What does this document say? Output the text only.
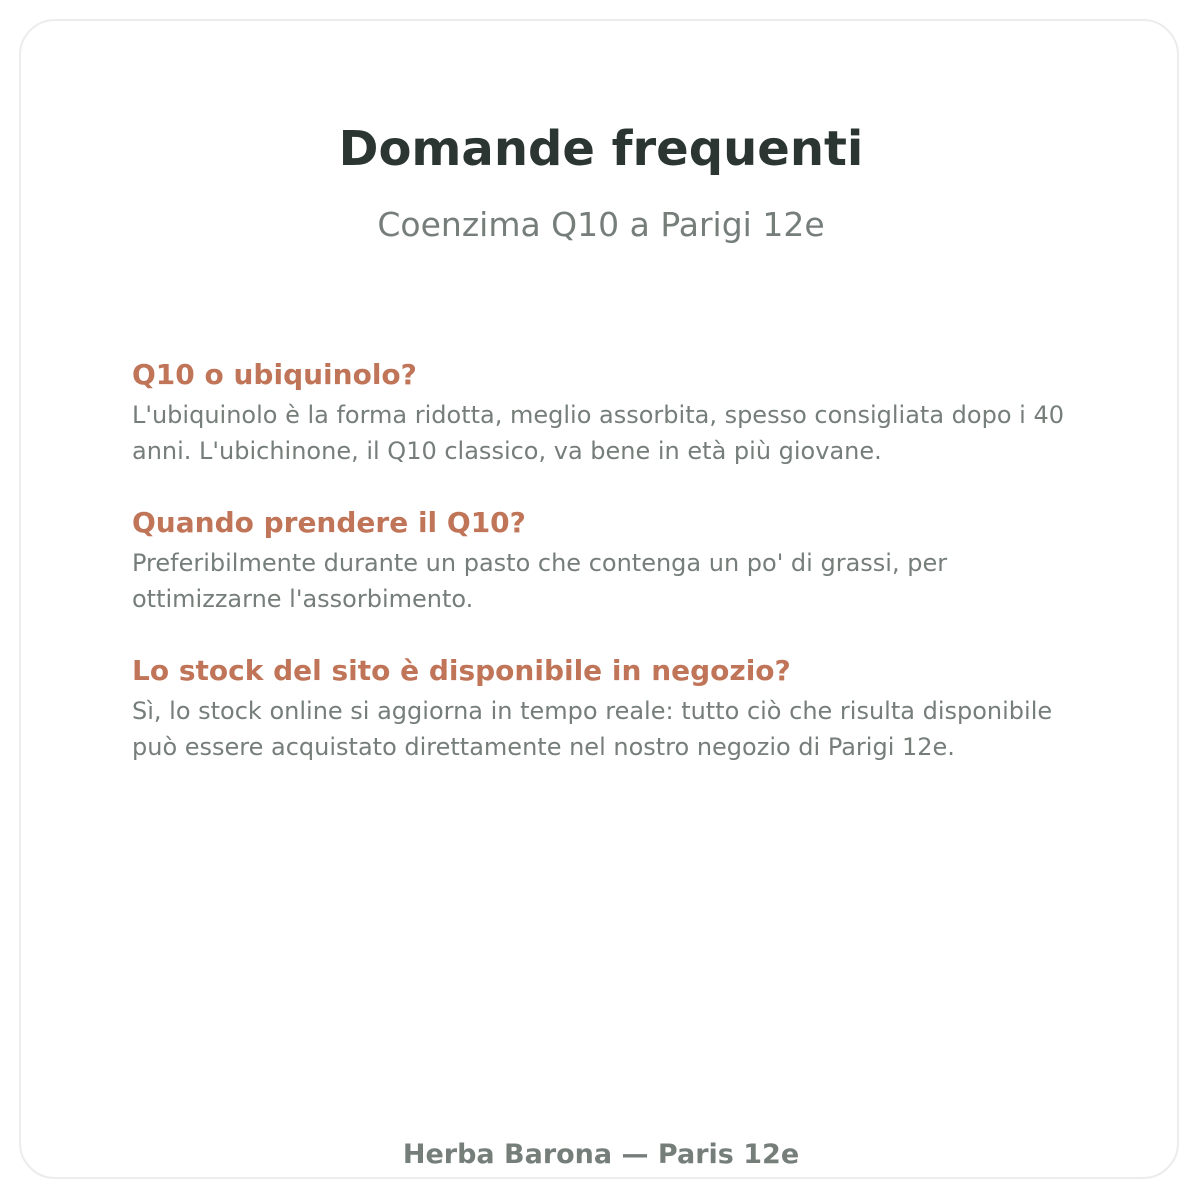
Domande frequenti

Coenzima Q10 a Parigi 12e

Q10 o ubiquinolo?

L'ubiquinolo è la forma ridotta, meglio assorbita, spesso consigliata dopo i 40 anni. L'ubichinone, il Q10 classico, va bene in età più giovane.

Quando prendere il Q10?

Preferibilmente durante un pasto che contenga un po' di grassi, per ottimizzarne l'assorbimento.

Lo stock del sito è disponibile in negozio?

Sì, lo stock online si aggiorna in tempo reale: tutto ciò che risulta disponibile può essere acquistato direttamente nel nostro negozio di Parigi 12e.

Herba Barona — Paris 12e
